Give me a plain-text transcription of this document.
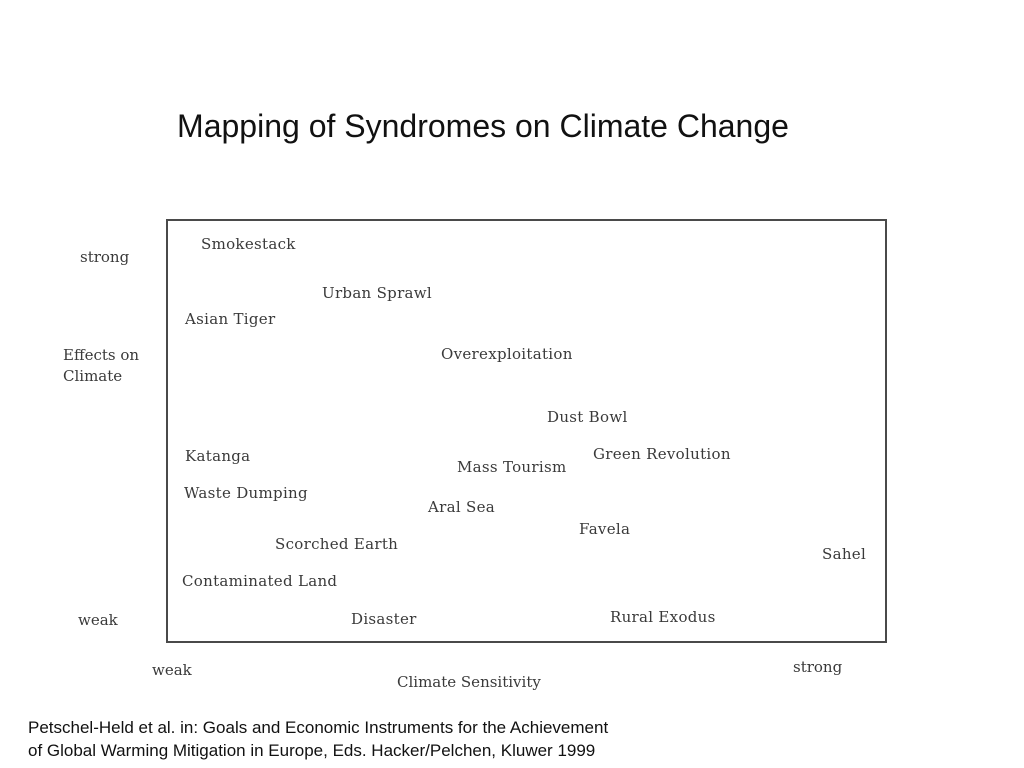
Mapping of Syndromes on Climate Change
strong
Effects on
Climate
weak
weak
Climate Sensitivity
strong
Smokestack
Urban Sprawl
Asian Tiger
Overexploitation
Dust Bowl
Katanga
Mass Tourism
Green Revolution
Waste Dumping
Aral Sea
Favela
Scorched Earth
Sahel
Contaminated Land
Disaster	Rural Exodus
Petschel-Held et al. in: Goals and Economic Instruments for the Achievement
of Global Warming Mitigation in Europe, Eds. Hacker/Pelchen, Kluwer 1999
